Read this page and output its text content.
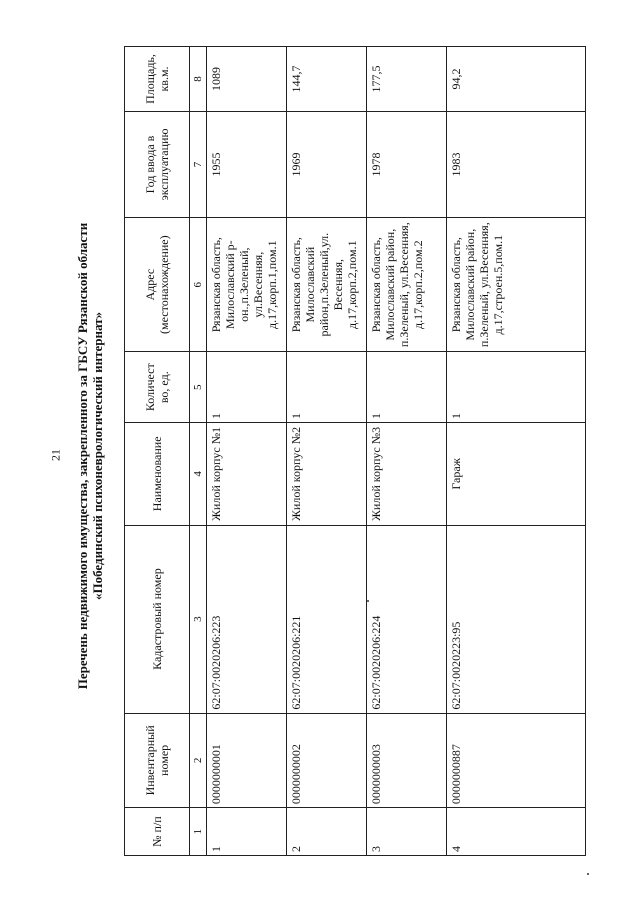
21 Перечень недвижимого имущества, закрепленного за ГБСУ Рязанской области «Побединский психоневрологический интернат»
№ п/п	Инвентарный номер	Кадастровый номер	Наименование	Количест во, ед.	Адрес (местонахождение)	Год ввода в эксплуатацию	Площадь, кв.м.
1	2	3	4	5	6	7	8
1	0000000001	62:07:0020206:223	Жилой корпус №1	1	Рязанская область, Милославский р-он.,п.Зеленый, ул.Весенняя, д.17,корп.1,пом.1	1955	1089
2	0000000002	62:07:0020206:221	Жилой корпус №2	1	Рязанская область, Милославский район,п.Зеленый,ул. Весенняя, д.17,корп.2,пом.1	1969	144,7
3	0000000003	62:07:0020206:224	Жилой корпус №3	1	Рязанская область, Милославский район, п.Зеленый, ул.Весенняя, д.17,корп.2,пом.2	1978	177,5
4	0000000887	62:07:0020223:95	Гараж	1	Рязанская область, Милославский район, п.Зеленый, ул.Весенняя, д.17,строен.5,пом.1	1983	94,2
